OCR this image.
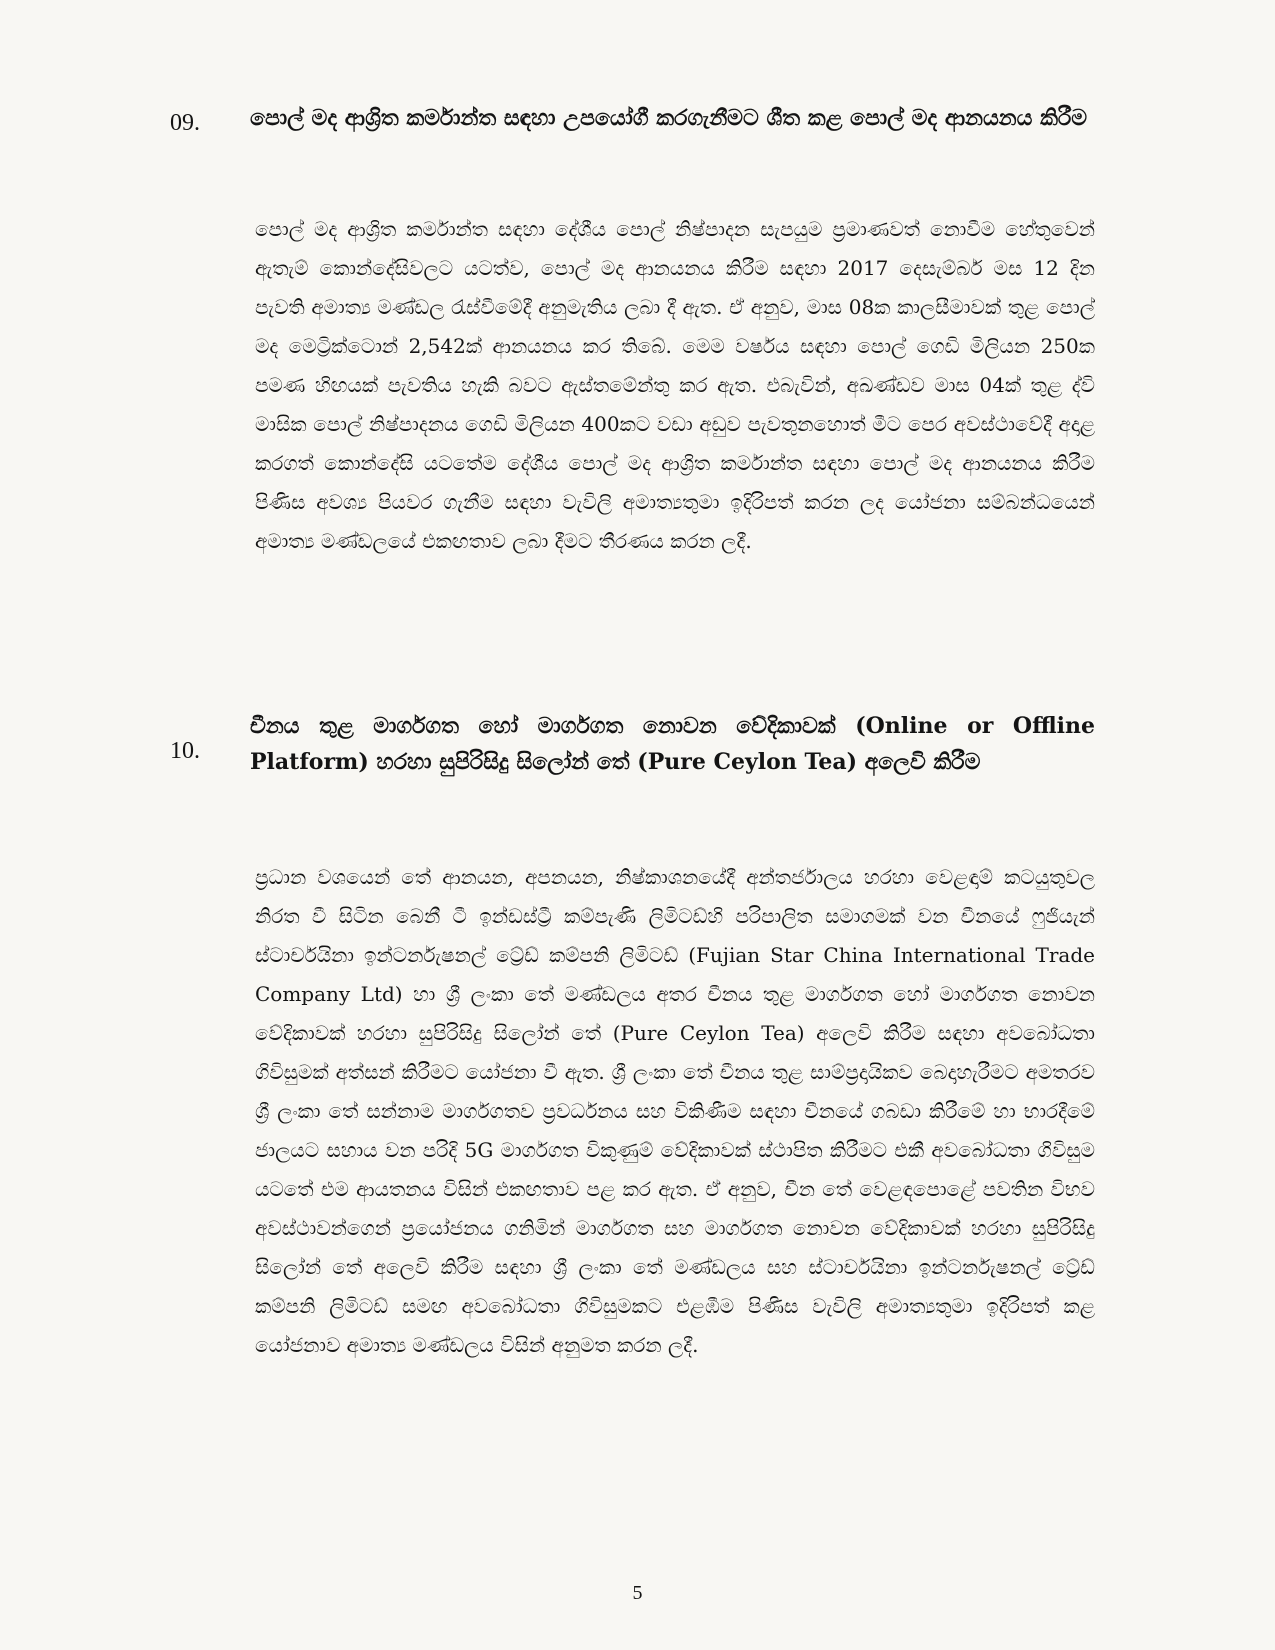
09. පොල් මද ආශ්‍රිත කර්මාන්ත සඳහා උපයෝගී කරගැනීමට ශීත කළ පොල් මද ආනයනය කිරීම

පොල් මද ආශ්‍රිත කර්මාන්ත සඳහා දේශීය පොල් නිෂ්පාදන සැපයුම ප්‍රමාණවත් නොවීම හේතුවෙන් ඇතැම් කොන්දේසිවලට යටත්ව, පොල් මද ආනයනය කිරීම සඳහා 2017 දෙසැම්බර් මස 12 දින පැවති අමාත්‍ය මණ්ඩල රැස්වීමේදී අනුමැතිය ලබා දී ඇත. ඒ අනුව, මාස 08ක කාලසීමාවක් තුළ පොල් මද මෙට්‍රික්ටොන් 2,542ක් ආනයනය කර තිබේ. මෙම වර්ෂය සඳහා පොල් ගෙඩි මිලියන 250ක පමණ හිඟයක් පැවතිය හැකි බවට ඇස්තමේන්තු කර ඇත. එබැවින්, අඛණ්ඩව මාස 04ක් තුළ ද්වි මාසික පොල් නිෂ්පාදනය ගෙඩි මිලියන 400කට වඩා අඩුව පැවතුනහොත් මීට පෙර අවස්ථාවේදී අදාළ කරගත් කොන්දේසි යටතේම දේශීය පොල් මද ආශ්‍රිත කර්මාන්ත සඳහා පොල් මද ආනයනය කිරීම පිණිස අවශ්‍ය පියවර ගැනීම සඳහා වැවිලි අමාත්‍යතුමා ඉදිරිපත් කරන ලද යෝජනා සම්බන්ධයෙන් අමාත්‍ය මණ්ඩලයේ එකඟතාව ලබා දීමට තීරණය කරන ලදී.

10.
චීනය තුළ මාර්ගගත හෝ මාර්ගගත නොවන වේදිකාවක් (Online or Offline Platform) හරහා සුපිරිසිදු සිලෝන් තේ (Pure Ceylon Tea) අලෙවි කිරීම

ප්‍රධාන වශයෙන් තේ ආනයන, අපනයන, නිෂ්කාශනයේදී අන්තර්ජාලය හරහා වෙළඳාම් කටයුතුවල නිරත වී සිටින බෙනී ටී ඉන්ඩස්ට්‍රී කම්පැණි ලිමිටඩ්හි පරිපාලිත සමාගමක් වන චීනයේ ෆුජියැන් ස්ටාර්චයිනා ඉන්ටර්නැෂනල් ට්‍රේඩ් කම්පනි ලිමිටඩ් (Fujian Star China International Trade Company Ltd) හා ශ්‍රී ලංකා තේ මණ්ඩලය අතර චීනය තුළ මාර්ගගත හෝ මාර්ගගත නොවන වේදිකාවක් හරහා සුපිරිසිදු සිලෝන් තේ (Pure Ceylon Tea) අලෙවි කිරීම සඳහා අවබෝධතා ගිවිසුමක් අත්සන් කිරීමට යෝජනා වී ඇත. ශ්‍රී ලංකා තේ චීනය තුළ සාම්ප්‍රදායිකව බෙදාහැරීමට අමතරව ශ්‍රී ලංකා තේ සන්නාම මාර්ගගතව ප්‍රවර්ධනය සහ විකිණීම සඳහා චීනයේ ගබඩා කිරීමේ හා භාරදීමේ ජාලයට සහාය වන පරිදි 5G මාර්ගගත විකුණුම් වේදිකාවක් ස්ථාපිත කිරීමට එකී අවබෝධතා ගිවිසුම යටතේ එම ආයතනය විසින් එකඟතාව පළ කර ඇත. ඒ අනුව, චීන තේ වෙළඳපොළේ පවතින විභව අවස්ථාවන්ගෙන් ප්‍රයෝජනය ගනිමින් මාර්ගගත සහ මාර්ගගත නොවන වේදිකාවක් හරහා සුපිරිසිදු සිලෝන් තේ අලෙවි කිරීම සඳහා ශ්‍රී ලංකා තේ මණ්ඩලය සහ ස්ටාර්චයිනා ඉන්ටර්නැෂනල් ට්‍රේඩ් කම්පනි ලිමිටඩ් සමඟ අවබෝධතා ගිවිසුමකට එළඹීම පිණිස වැවිලි අමාත්‍යතුමා ඉදිරිපත් කළ යෝජනාව අමාත්‍ය මණ්ඩලය විසින් අනුමත කරන ලදී.

5
